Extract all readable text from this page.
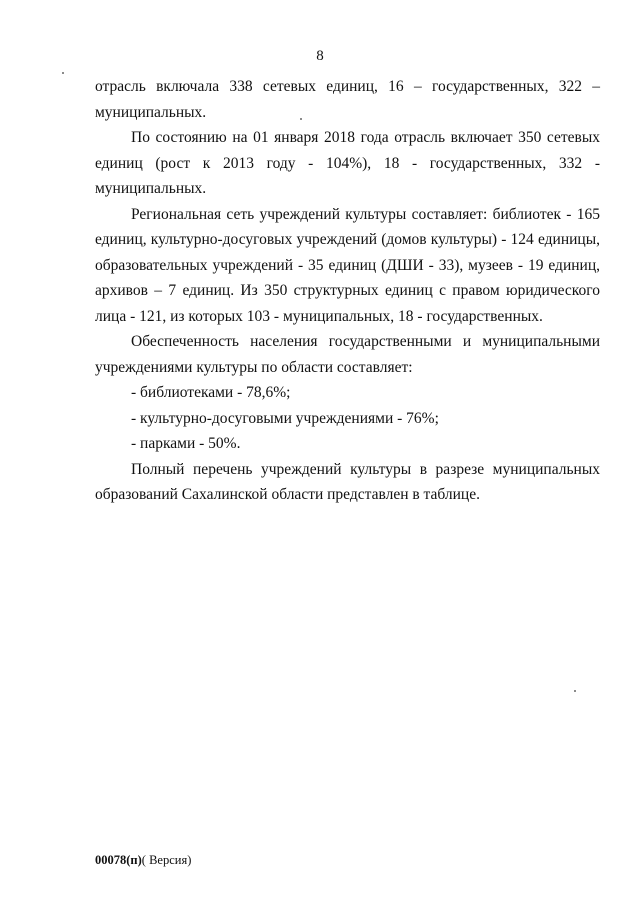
8

отрасль включала 338 сетевых единиц, 16 – государственных, 322 – муниципальных.

По состоянию на 01 января 2018 года отрасль включает 350 сетевых единиц (рост к 2013 году - 104%), 18 - государственных, 332 - муниципальных.

Региональная сеть учреждений культуры составляет: библиотек - 165 единиц, культурно-досуговых учреждений (домов культуры) - 124 единицы, образовательных учреждений - 35 единиц (ДШИ - 33), музеев - 19 единиц, архивов – 7 единиц. Из 350 структурных единиц с правом юридического лица - 121, из которых 103 - муниципальных, 18 - государственных.

Обеспеченность населения государственными и муниципальными учреждениями культуры по области составляет:

- библиотеками - 78,6%;

- культурно-досуговыми учреждениями - 76%;

- парками - 50%.

Полный перечень учреждений культуры в разрезе муниципальных образований Сахалинской области представлен в таблице.

00078(п)( Версия)
